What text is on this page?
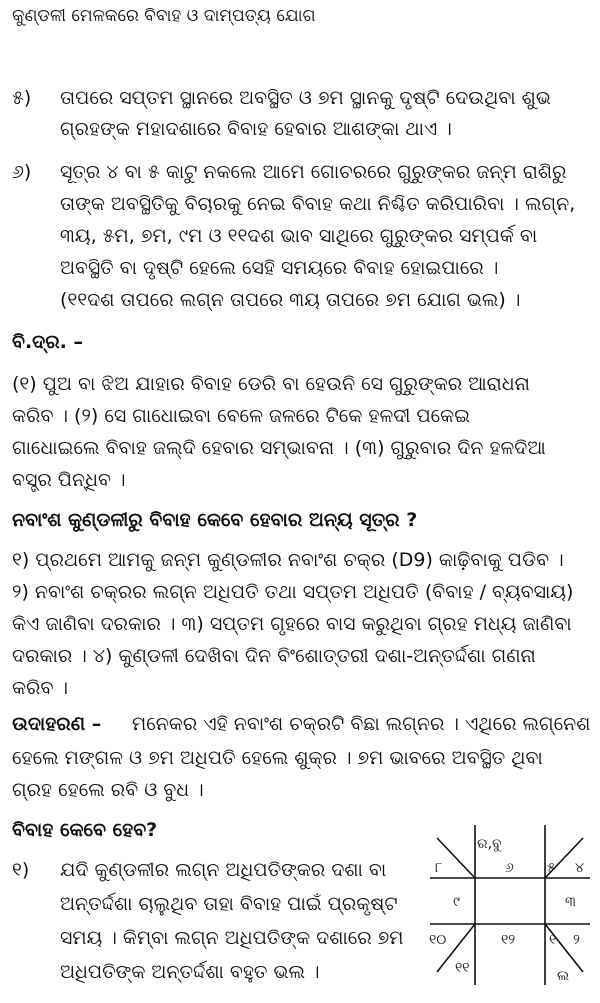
କୁଣ୍ଡଳୀ ମେଳକରେ ବିବାହ ଓ ଦାମ୍ପତ୍ୟ ଯୋଗ
୫) ତାପରେ ସପ୍ତମ ସ୍ଥାନରେ ଅବସ୍ଥିତ ଓ ୭ମ ସ୍ଥାନକୁ ଦୃଷ୍ଟି ଦେଉଥିବା ଶୁଭ
ଗ୍ରହଙ୍କ ମହାଦଶାରେ ବିବାହ ହେବାର ଆଶଙ୍କା ଥାଏ ।
୬) ସୂତ୍ର ୪ ବା ୫ କାଟୁ ନକଲେ ଆମେ ଗୋଚରରେ ଗୁରୁଙ୍କର ଜନ୍ମ ରାଶିରୁ
ତାଙ୍କ ଅବସ୍ଥିତିକୁ ବିଚାରକୁ ନେଇ ବିବାହ କଥା ନିଶ୍ଚିତ କରିପାରିବା । ଲଗ୍ନ,
୩ୟ, ୫ମ, ୭ମ, ୯ମ ଓ ୧୧ଦଶ ଭାବ ସାଥିରେ ଗୁରୁଙ୍କର ସମ୍ପର୍କ ବା
ଅବସ୍ଥିତି ବା ଦୃଷ୍ଟି ହେଲେ ସେହି ସମୟରେ ବିବାହ ହୋଇପାରେ ।
(୧୧ଦଶ ତାପରେ ଲଗ୍ନ ତାପରେ ୩ୟ ତାପରେ ୭ମ ଯୋଗ ଭଲ) ।
ବି.ଦ୍ର. –
(୧) ପୁଅ ବା ଝିଅ ଯାହାର ବିବାହ ଡେରି ବା ହେଉନି ସେ ଗୁରୁଙ୍କର ଆରାଧନା
କରିବ । (୨) ସେ ଗାଧୋଇବା ବେଳେ ଜଳରେ ଟିକେ ହଳଦୀ ପକେଇ
ଗାଧୋଇଲେ ବିବାହ ଜଲ୍‌ଦି ହେବାର ସମ୍ଭାବନା । (୩) ଗୁରୁବାର ଦିନ ହଳଦିଆ
ବସ୍ତ୍ର ପିନ୍ଧିବ ।
ନବାଂଶ କୁଣ୍ଡଳୀରୁ ବିବାହ କେବେ ହେବାର ଅନ୍ୟ ସୂତ୍ର ?
୧) ପ୍ରଥମେ ଆମକୁ ଜନ୍ମ କୁଣ୍ଡଳୀର ନବାଂଶ ଚକ୍ର (D9) କାଢ଼ିବାକୁ ପଡିବ ।
୨) ନବାଂଶ ଚକ୍ରର ଲଗ୍ନ ଅଧିପତି ତଥା ସପ୍ତମ ଅଧିପତି (ବିବାହ / ବ୍ୟବସାୟ)
କିଏ ଜାଣିବା ଦରକାର । ୩) ସପ୍ତମ ଗୃହରେ ବାସ କରୁଥିବା ଗ୍ରହ ମଧ୍ୟ ଜାଣିବା
ଦରକାର । ୪) କୁଣ୍ଡଳୀ ଦେଖିବା ଦିନ ବିଂଶୋତ୍ତରୀ ଦଶା-ଅନ୍ତର୍ଦ୍ଦଶା ଗଣନା
କରିବ ।
ଉଦାହରଣ – ମନେକର ଏହି ନବାଂଶ ଚକ୍ରଟି ବିଛା ଲଗ୍ନର । ଏଥିରେ ଲଗ୍ନେଶ
ହେଲେ ମଙ୍ଗଳ ଓ ୭ମ ଅଧିପତି ହେଲେ ଶୁକ୍ର । ୭ମ ଭାବରେ ଅବସ୍ଥିତ ଥିବା
ଗ୍ରହ ହେଲେ ରବି ଓ ବୁଧ ।
ବିବାହ କେବେ ହେବ?
୧) ଯଦି କୁଣ୍ଡଳୀର ଲଗ୍ନ ଅଧିପତିଙ୍କର ଦଶା ବା
ଅନ୍ତର୍ଦ୍ଦଶା ଚାଲୁଥିବ ତାହା ବିବାହ ପାଇଁ ପ୍ରକୃଷ୍ଟ
ସମୟ । କିମ୍ବା ଲଗ୍ନ ଅଧିପତିଙ୍କ ଦଶାରେ ୭ମ
ଅଧିପତିଙ୍କ ଅନ୍ତର୍ଦ୍ଦଶା ବହୁତ ଭଲ ।
ର,ବୁ
୮	୬ ୫ ୪
୯	୩
୧୦	୧୨ ୧ ୨
୧୧	ଲ
